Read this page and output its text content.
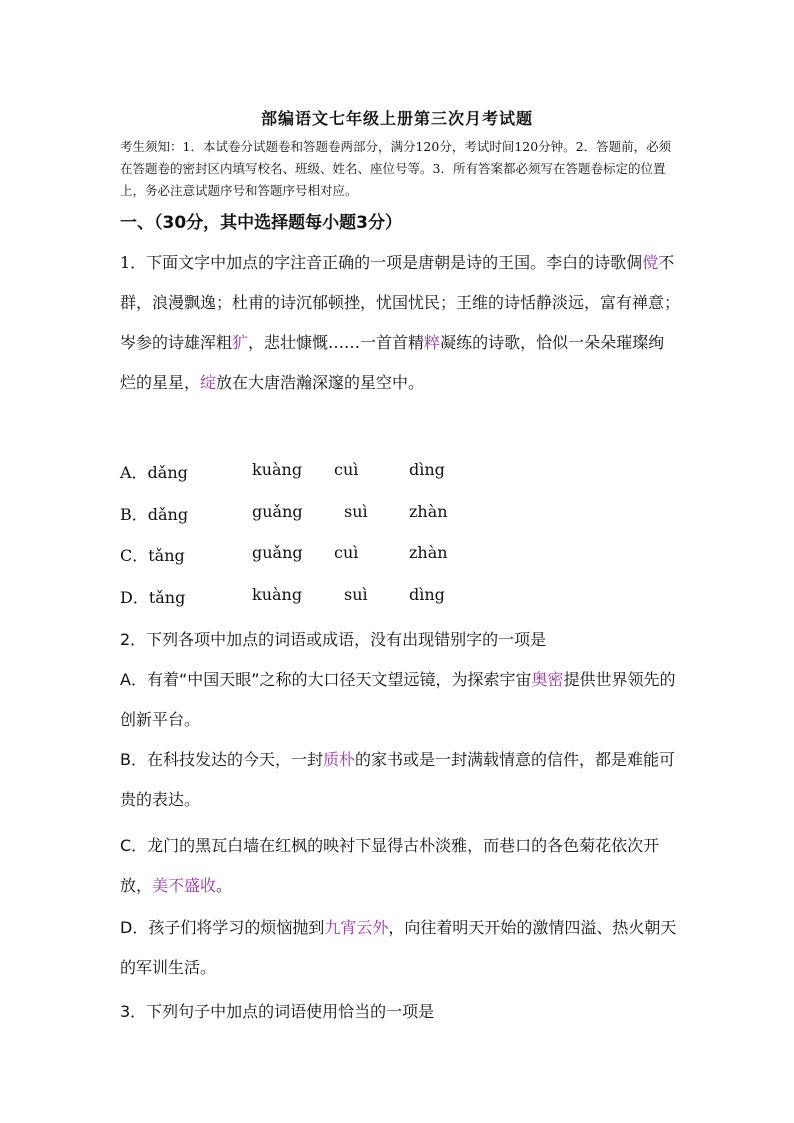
部编语文七年级上册第三次月考试题
考生须知：1．本试卷分试题卷和答题卷两部分，满分120分，考试时间120分钟。2．答题前，必须在答题卷的密封区内填写校名、班级、姓名、座位号等。3．所有答案都必须写在答题卷标定的位置上，务必注意试题序号和答题序号相对应。
一、（30分，其中选择题每小题3分）
1．下面文字中加点的字注音正确的一项是唐朝是诗的王国。李白的诗歌倜傥不群，浪漫飘逸；杜甫的诗沉郁顿挫，忧国忧民；王维的诗恬静淡远，富有禅意；岑参的诗雄浑粗犷，悲壮慷慨……一首首精粹凝练的诗歌，恰似一朵朵璀璨绚烂的星星，绽放在大唐浩瀚深邃的星空中。
A．dǎng	kuàng cuì	dìng
B．dǎng	guǎng	suì	zhàn
C．tǎng	guǎng cuì	zhàn
D．tǎng	kuàng	suì	dìng
2．下列各项中加点的词语或成语，没有出现错别字的一项是
A．有着“中国天眼”之称的大口径天文望远镜，为探索宇宙奥密提供世界领先的创新平台。
B．在科技发达的今天，一封质朴的家书或是一封满载情意的信件，都是难能可贵的表达。
C．龙门的黑瓦白墙在红枫的映衬下显得古朴淡雅，而巷口的各色菊花依次开放，美不盛收。
D．孩子们将学习的烦恼抛到九宵云外，向往着明天开始的激情四溢、热火朝天的军训生活。
3．下列句子中加点的词语使用恰当的一项是
